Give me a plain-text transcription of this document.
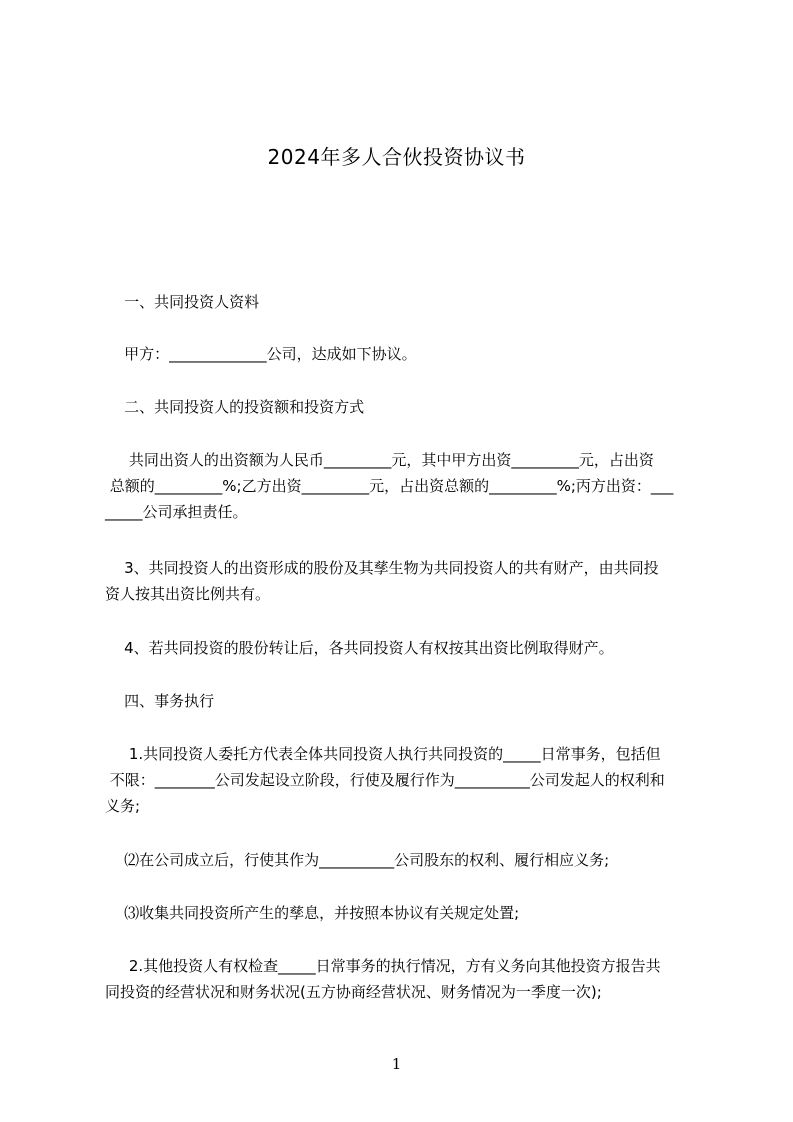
2024年多人合伙投资协议书
一、共同投资人资料
甲方：_____________公司，达成如下协议。
二、共同投资人的投资额和投资方式
共同出资人的出资额为人民币_________元，其中甲方出资_________元，占出资
总额的_________%;乙方出资_________元，占出资总额的_________%;丙方出资：___
_____公司承担责任。
3、共同投资人的出资形成的股份及其孳生物为共同投资人的共有财产，由共同投
资人按其出资比例共有。
4、若共同投资的股份转让后，各共同投资人有权按其出资比例取得财产。
四、事务执行
1.共同投资人委托方代表全体共同投资人执行共同投资的_____日常事务，包括但
不限：________公司发起设立阶段，行使及履行作为__________公司发起人的权利和
义务;
⑵在公司成立后，行使其作为__________公司股东的权利、履行相应义务;
⑶收集共同投资所产生的孳息，并按照本协议有关规定处置;
2.其他投资人有权检查_____日常事务的执行情况，方有义务向其他投资方报告共
同投资的经营状况和财务状况(五方协商经营状况、财务情况为一季度一次);
1
